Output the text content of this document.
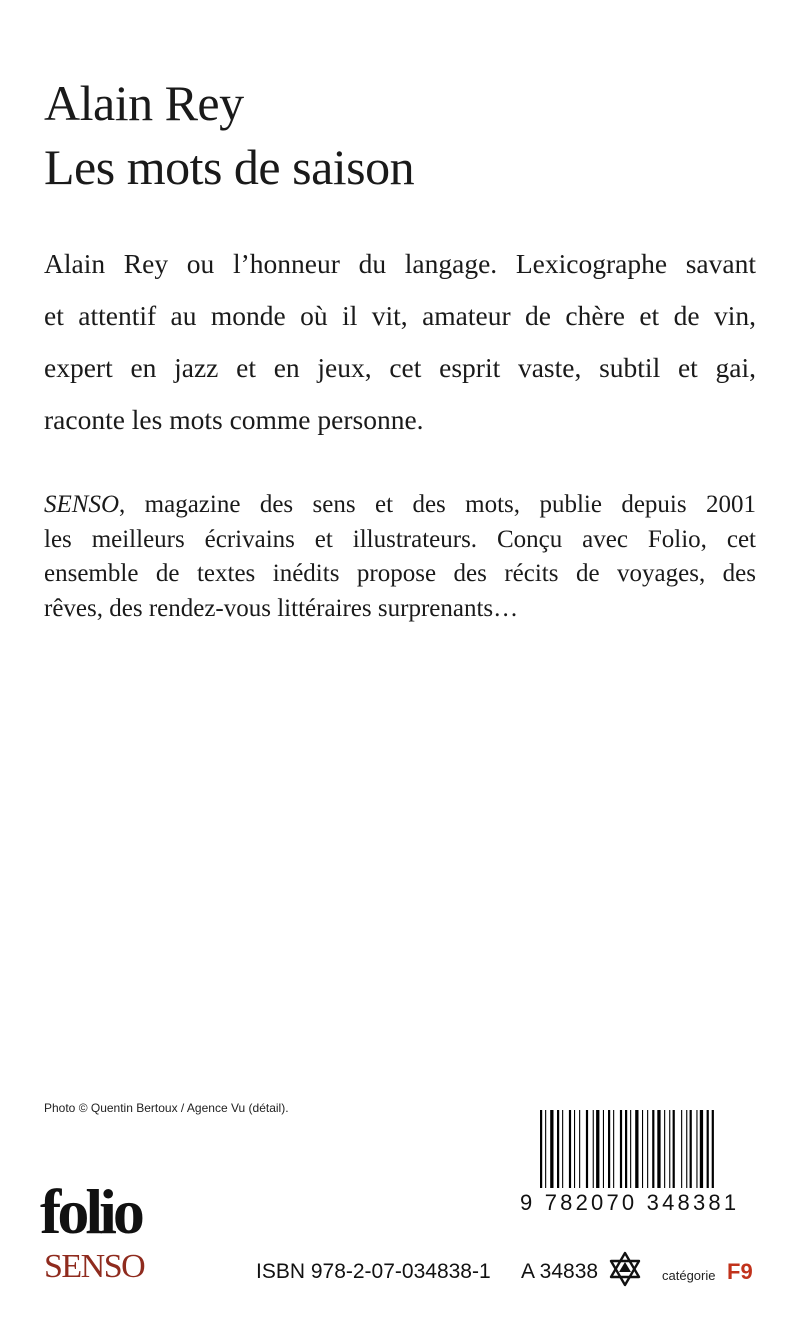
Alain Rey
Les mots de saison

Alain Rey ou l’honneur du langage. Lexicographe savant
et attentif au monde où il vit, amateur de chère et de vin,
expert en jazz et en jeux, cet esprit vaste, subtil et gai,
raconte les mots comme personne.

SENSO, magazine des sens et des mots, publie depuis 2001
les meilleurs écrivains et illustrateurs. Conçu avec Folio, cet
ensemble de textes inédits propose des récits de voyages, des
rêves, des rendez-vous littéraires surprenants…

Photo © Quentin Bertoux / Agence Vu (détail).
folio
SENSO
9 782070 348381
ISBN 978-2-07-034838-1 A 34838	catégorie F9
